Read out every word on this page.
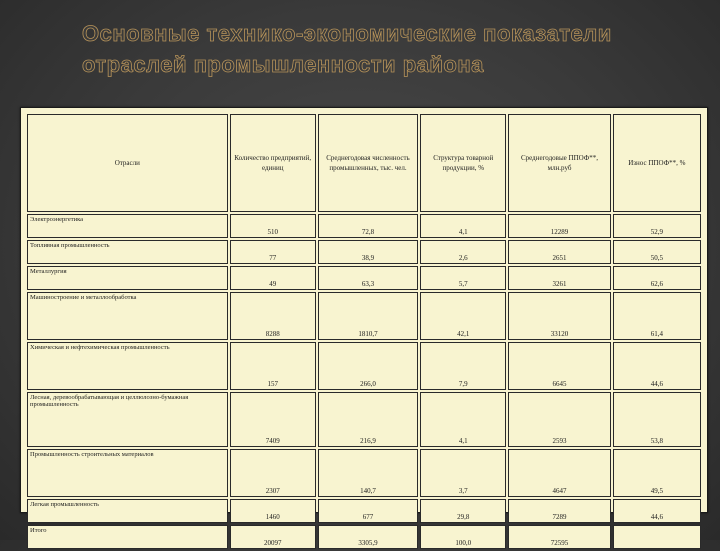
Основные технико-экономические показатели
отраслей промышленности района
Отрасли	Количество предприятий, единиц	Среднегодовая численность промышленных, тыс. чел.	Структура товарной продукции, %	Среднегодовые ППОФ**, млн.руб	Износ ППОФ**, %
Электроэнергетика	510	72,8	4,1	12289	52,9
Топливная промышленность	77	38,9	2,6	2651	50,5
Металлургия	49	63,3	5,7	3261	62,6
Машиностроение и металлообработка	8288	1810,7	42,1	33120	61,4
Химическая и нефтехимическая промышленность	157	266,0	7,9	6645	44,6
Лесная, деревообрабатывающая и целлюлозно-бумажная промышленность	7409	216,9	4,1	2593	53,8
Промышленность строительных материалов	2307	140,7	3,7	4647	49,5
Легкая промышленность	1460	677	29,8	7289	44,6
Итого	20097	3305,9	100,0	72595	
